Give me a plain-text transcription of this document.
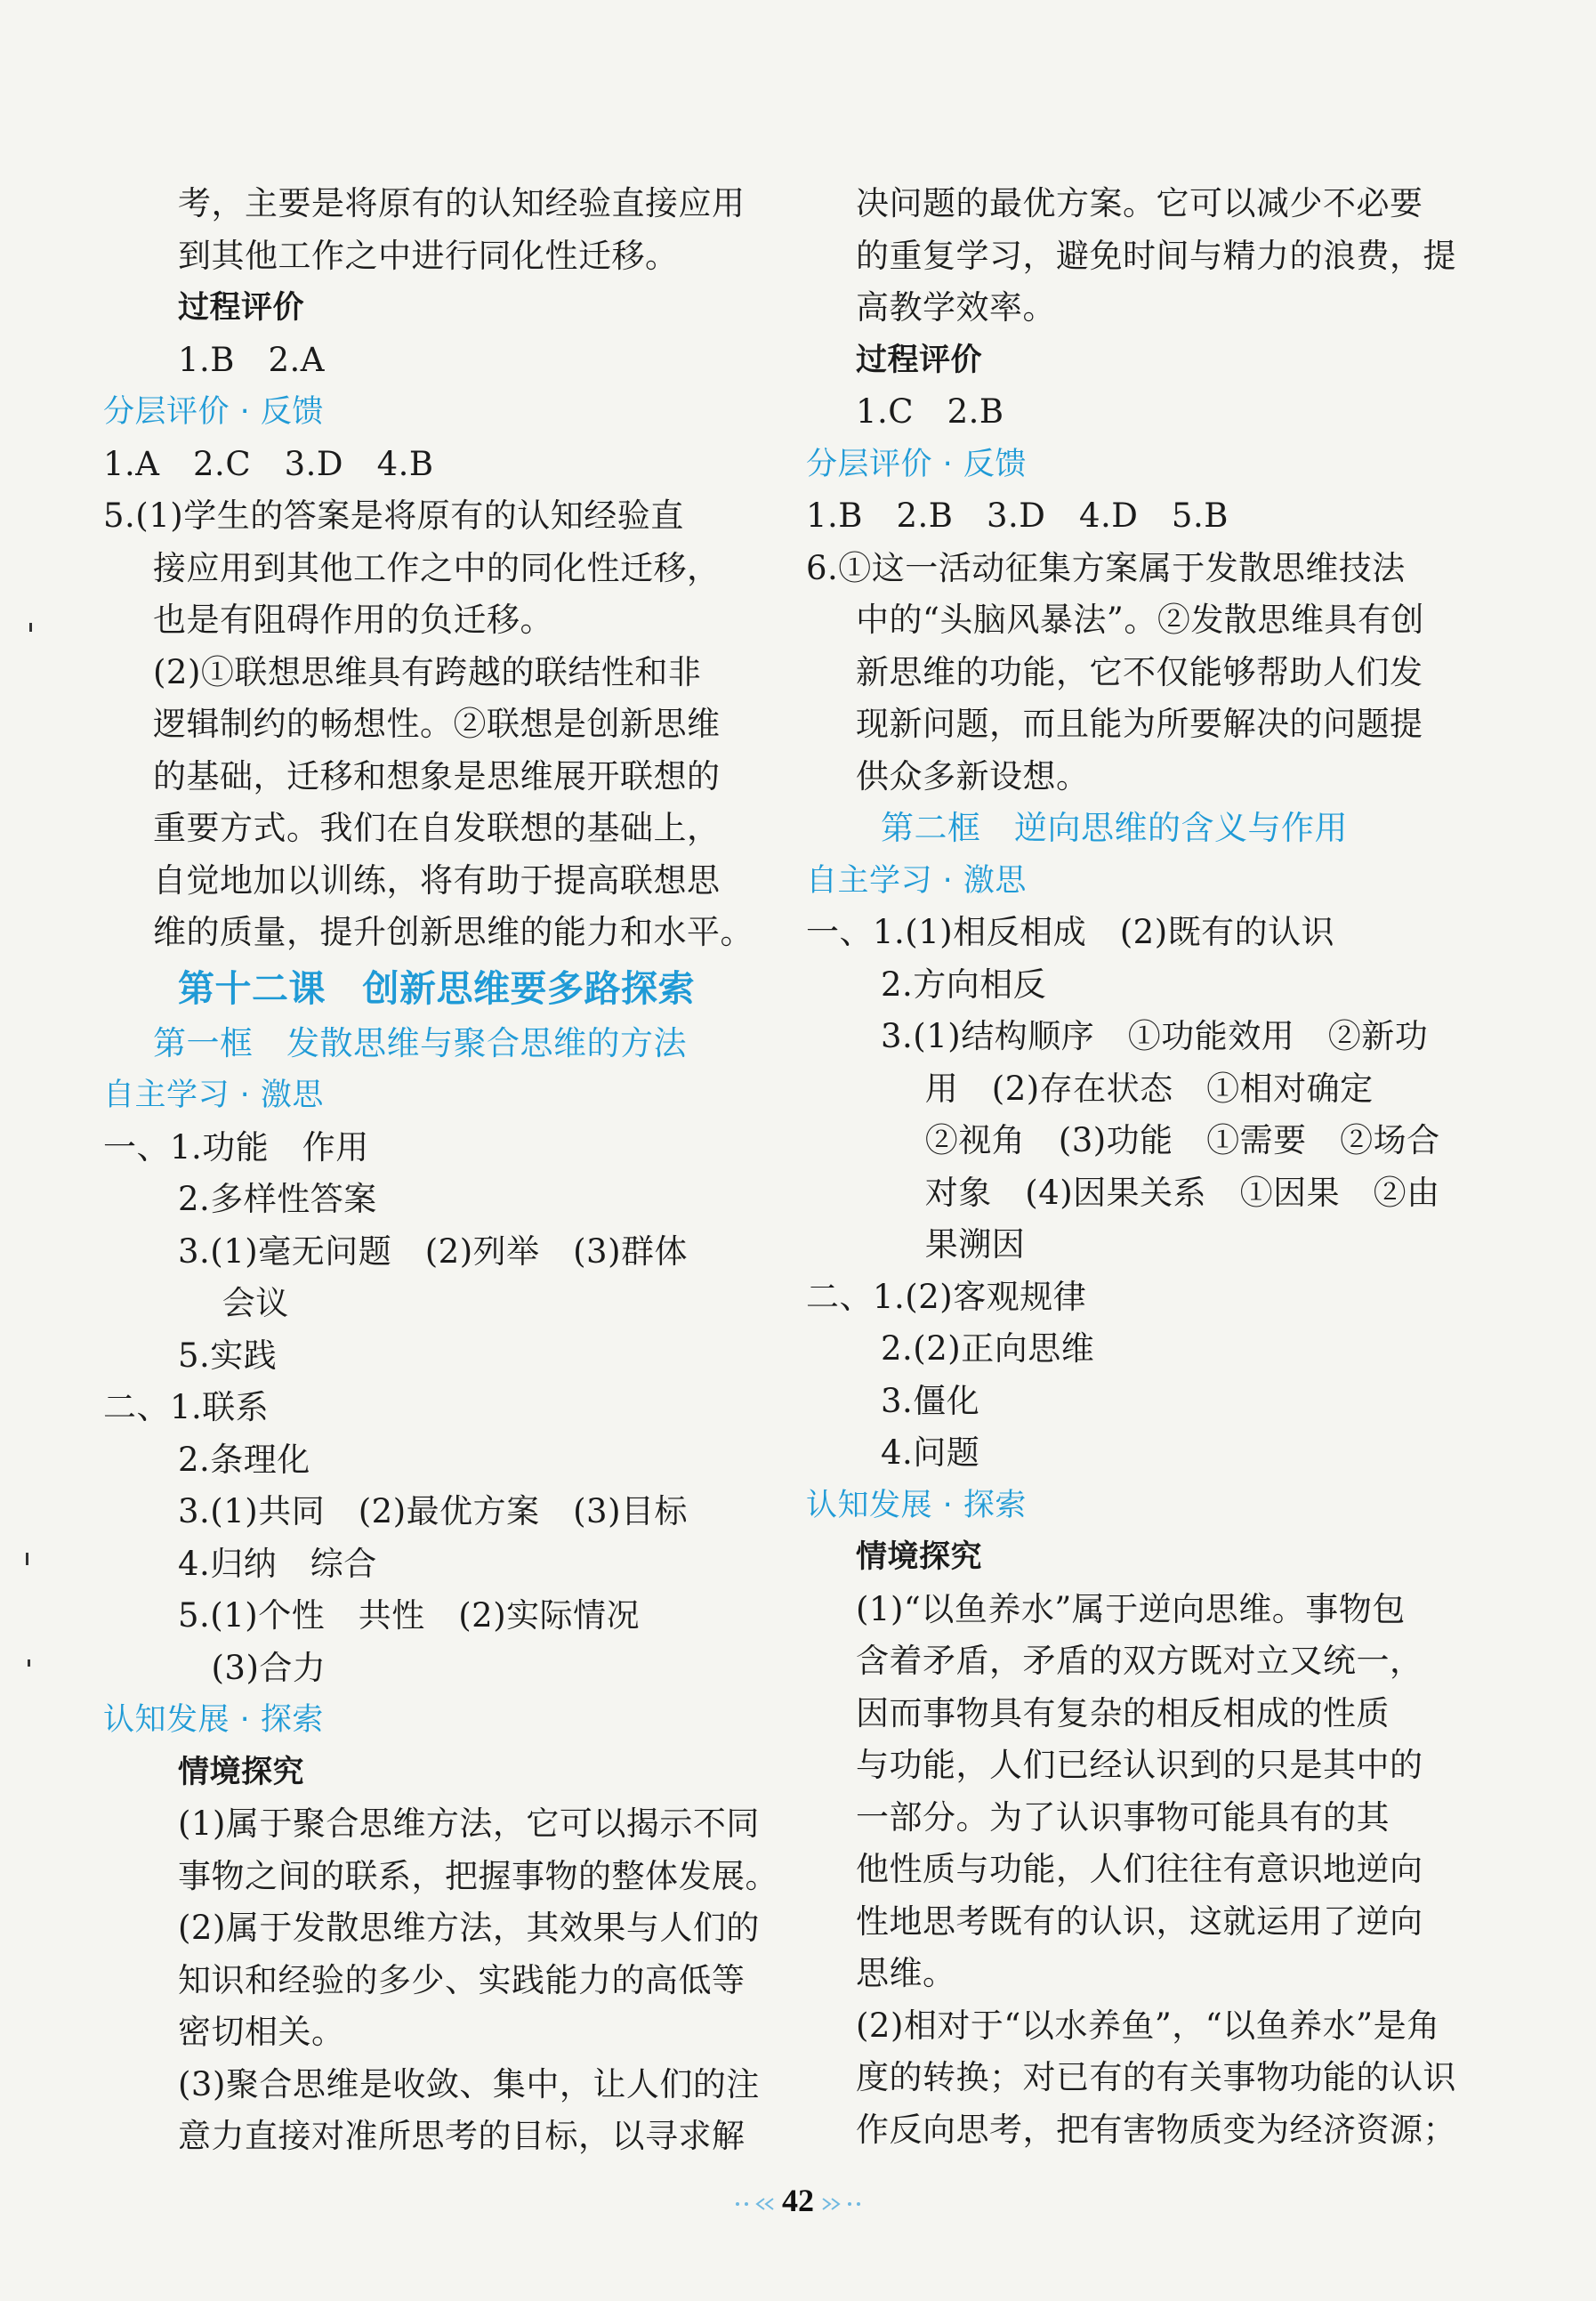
考，主要是将原有的认知经验直接应用
到其他工作之中进行同化性迁移。
过程评价
1.B　2.A
分层评价 · 反馈
1.A　2.C　3.D　4.B
5.(1)学生的答案是将原有的认知经验直
接应用到其他工作之中的同化性迁移，
也是有阻碍作用的负迁移。
(2)①联想思维具有跨越的联结性和非
逻辑制约的畅想性。②联想是创新思维
的基础，迁移和想象是思维展开联想的
重要方式。我们在自发联想的基础上，
自觉地加以训练，将有助于提高联想思
维的质量，提升创新思维的能力和水平。
第十二课　创新思维要多路探索
第一框　发散思维与聚合思维的方法
自主学习 · 激思
一、1.功能　作用
2.多样性答案
3.(1)毫无问题　(2)列举　(3)群体
　 会议
5.实践
二、1.联系
2.条理化
3.(1)共同　(2)最优方案　(3)目标
4.归纳　综合
5.(1)个性　共性　(2)实际情况
　(3)合力
认知发展 · 探索
情境探究
(1)属于聚合思维方法，它可以揭示不同
事物之间的联系，把握事物的整体发展。
(2)属于发散思维方法，其效果与人们的
知识和经验的多少、实践能力的高低等
密切相关。
(3)聚合思维是收敛、集中，让人们的注
意力直接对准所思考的目标，以寻求解
决问题的最优方案。它可以减少不必要
的重复学习，避免时间与精力的浪费，提
高教学效率。
过程评价
1.C　2.B
分层评价 · 反馈
1.B　2.B　3.D　4.D　5.B
6.①这一活动征集方案属于发散思维技法
中的“头脑风暴法”。②发散思维具有创
新思维的功能，它不仅能够帮助人们发
现新问题，而且能为所要解决的问题提
供众多新设想。
第二框　逆向思维的含义与作用
自主学习 · 激思
一、1.(1)相反相成　(2)既有的认识
2.方向相反
3.(1)结构顺序　①功能效用　②新功
　 用　(2)存在状态　①相对确定
　 ②视角　(3)功能　①需要　②场合
　 对象　(4)因果关系　①因果　②由
　 果溯因
二、1.(2)客观规律
2.(2)正向思维
3.僵化
4.问题
认知发展 · 探索
情境探究
(1)“以鱼养水”属于逆向思维。事物包
含着矛盾，矛盾的双方既对立又统一，
因而事物具有复杂的相反相成的性质
与功能，人们已经认识到的只是其中的
一部分。为了认识事物可能具有的其
他性质与功能，人们往往有意识地逆向
性地思考既有的认识，这就运用了逆向
思维。
(2)相对于“以水养鱼”，“以鱼养水”是角
度的转换；对已有的有关事物功能的认识
作反向思考，把有害物质变为经济资源；
42
